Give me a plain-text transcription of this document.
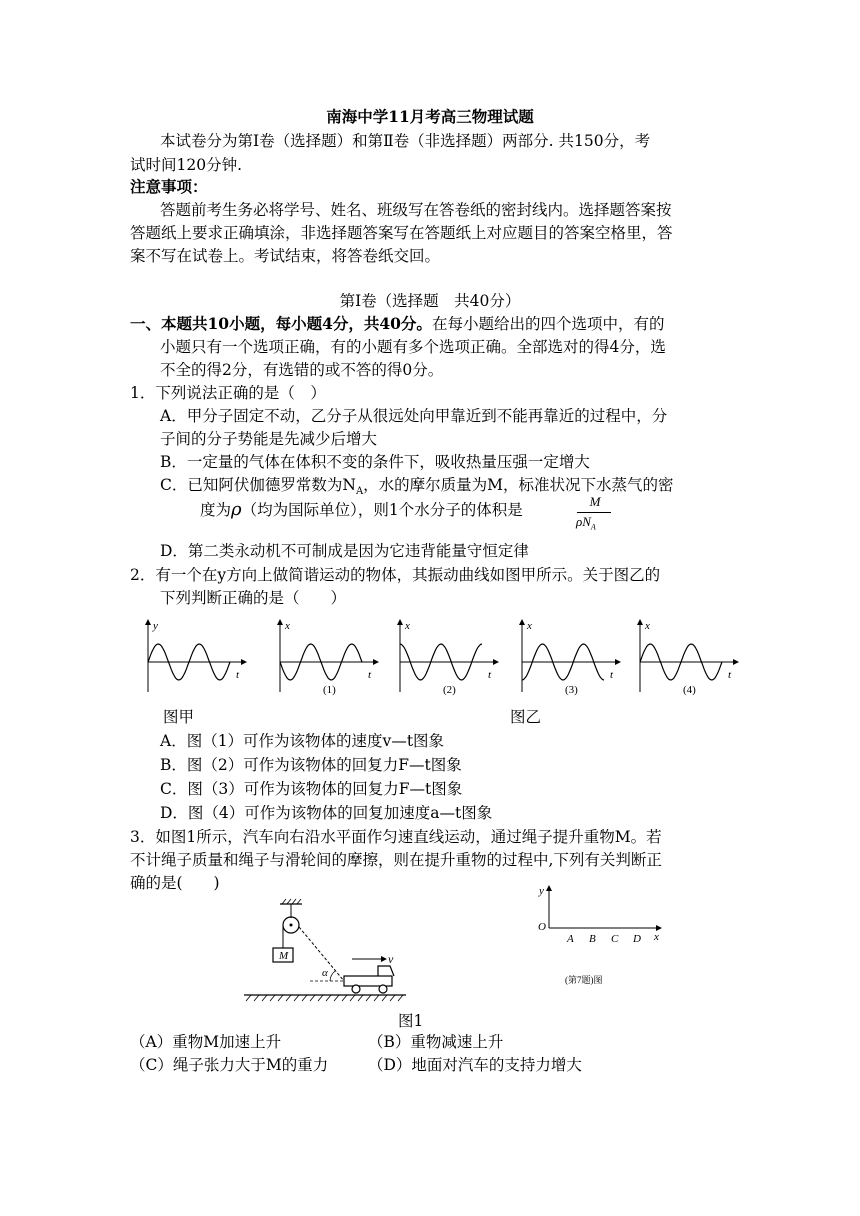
南海中学11月考高三物理试题
本试卷分为第Ⅰ卷（选择题）和第Ⅱ卷（非选择题）两部分. 共150分，考
试时间120分钟.
注意事项：
答题前考生务必将学号、姓名、班级写在答卷纸的密封线内。选择题答案按
答题纸上要求正确填涂，非选择题答案写在答题纸上对应题目的答案空格里，答
案不写在试卷上。考试结束，将答卷纸交回。
第Ⅰ卷（选择题　共40分）
一、本题共10小题，每小题4分，共40分。在每小题给出的四个选项中，有的
小题只有一个选项正确，有的小题有多个选项正确。全部选对的得4分，选
不全的得2分，有选错的或不答的得0分。
1．下列说法正确的是（　）
A．甲分子固定不动，乙分子从很远处向甲靠近到不能再靠近的过程中，分
子间的分子势能是先减少后增大
B．一定量的气体在体积不变的条件下，吸收热量压强一定增大
C．已知阿伏伽德罗常数为$N_A$，水的摩尔质量为M，标准状况下水蒸气的密
度为ρ（均为国际单位），则1个水分子的体积是	M
$\rho N_A$
D．第二类永动机不可制成是因为它违背能量守恒定律
2．有一个在y方向上做简谐运动的物体，其振动曲线如图甲所示。关于图乙的
下列判断正确的是（　　）
y
t
x
t
(1)
x
t
(2)
x
t
(3)
x
t
(4)
图甲	图乙
A．图（1）可作为该物体的速度v—t图象
B．图（2）可作为该物体的回复力F—t图象
C．图（3）可作为该物体的回复力F—t图象
D．图（4）可作为该物体的回复加速度a—t图象
3．如图1所示，汽车向右沿水平面作匀速直线运动，通过绳子提升重物M。若
不计绳子质量和绳子与滑轮间的摩擦，则在提升重物的过程中,下列有关判断正
确的是(　　)
M
α
v
图1
y
x
O
A B C D
(第7题)图
（A）重物M加速上升	（B）重物减速上升
（C）绳子张力大于M的重力	（D）地面对汽车的支持力增大
